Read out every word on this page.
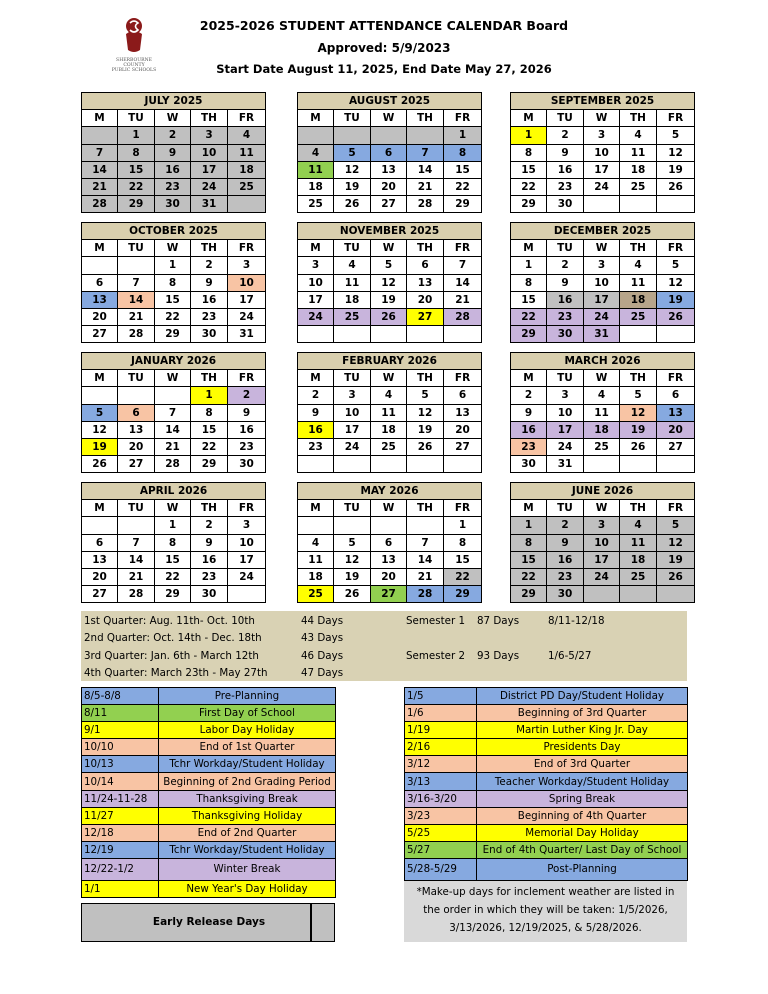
SHERBOURNE COUNTY
PUBLIC SCHOOLS
2025-2026 STUDENT ATTENDANCE CALENDAR Board
Approved: 5/9/2023
Start Date August 11, 2025, End Date May 27, 2026
JULY 2025				
M	TU	W	TH	FR
	1	2	3	4
7	8	9	10	11
14	15	16	17	18
21	22	23	24	25
28	29	30	31	
AUGUST 2025				
M	TU	W	TH	FR
				1
4	5	6	7	8
11	12	13	14	15
18	19	20	21	22
25	26	27	28	29
SEPTEMBER 2025				
M	TU	W	TH	FR
1	2	3	4	5
8	9	10	11	12
15	16	17	18	19
22	23	24	25	26
29	30			
OCTOBER 2025				
M	TU	W	TH	FR
		1	2	3
6	7	8	9	10
13	14	15	16	17
20	21	22	23	24
27	28	29	30	31
NOVEMBER 2025				
M	TU	W	TH	FR
3	4	5	6	7
10	11	12	13	14
17	18	19	20	21
24	25	26	27	28

DECEMBER 2025				
M	TU	W	TH	FR
1	2	3	4	5
8	9	10	11	12
15	16	17	18	19
22	23	24	25	26
29	30	31		
JANUARY 2026				
M	TU	W	TH	FR
			1	2
5	6	7	8	9
12	13	14	15	16
19	20	21	22	23
26	27	28	29	30
FEBRUARY 2026				
M	TU	W	TH	FR
2	3	4	5	6
9	10	11	12	13
16	17	18	19	20
23	24	25	26	27

MARCH 2026				
M	TU	W	TH	FR
2	3	4	5	6
9	10	11	12	13
16	17	18	19	20
23	24	25	26	27
30	31			
APRIL 2026				
M	TU	W	TH	FR
		1	2	3
6	7	8	9	10
13	14	15	16	17
20	21	22	23	24
27	28	29	30	
MAY 2026				
M	TU	W	TH	FR
				1
4	5	6	7	8
11	12	13	14	15
18	19	20	21	22
25	26	27	28	29
JUNE 2026				
M	TU	W	TH	FR
1	2	3	4	5
8	9	10	11	12
15	16	17	18	19
22	23	24	25	26
29	30			
1st Quarter: Aug. 11th- Oct. 10th	44 Days
2nd Quarter: Oct. 14th - Dec. 18th	43 Days
3rd Quarter: Jan. 6th - March 12th	46 Days
4th Quarter: March 23th - May 27th	47 Days
Semester 1 87 Days	8/11-12/18
Semester 2 93 Days	1/6-5/27
8/5-8/8	Pre-Planning
8/11	First Day of School
9/1	Labor Day Holiday
10/10	End of 1st Quarter
10/13	Tchr Workday/Student Holiday
10/14	Beginning of 2nd Grading Period
11/24-11-28	Thanksgiving Break
11/27	Thanksgiving Holiday
12/18	End of 2nd Quarter
12/19	Tchr Workday/Student Holiday
12/22-1/2	Winter Break
1/1	New Year's Day Holiday
1/5	District PD Day/Student Holiday
1/6	Beginning of 3rd Quarter
1/19	Martin Luther King Jr. Day
2/16	Presidents Day
3/12	End of 3rd Quarter
3/13	Teacher Workday/Student Holiday
3/16-3/20	Spring Break
3/23	Beginning of 4th Quarter
5/25	Memorial Day Holiday
5/27	End of 4th Quarter/ Last Day of School
5/28-5/29	Post-Planning
Early Release Days
*Make-up days for inclement weather are listed in
the order in which they will be taken: 1/5/2026,
3/13/2026, 12/19/2025, & 5/28/2026.
